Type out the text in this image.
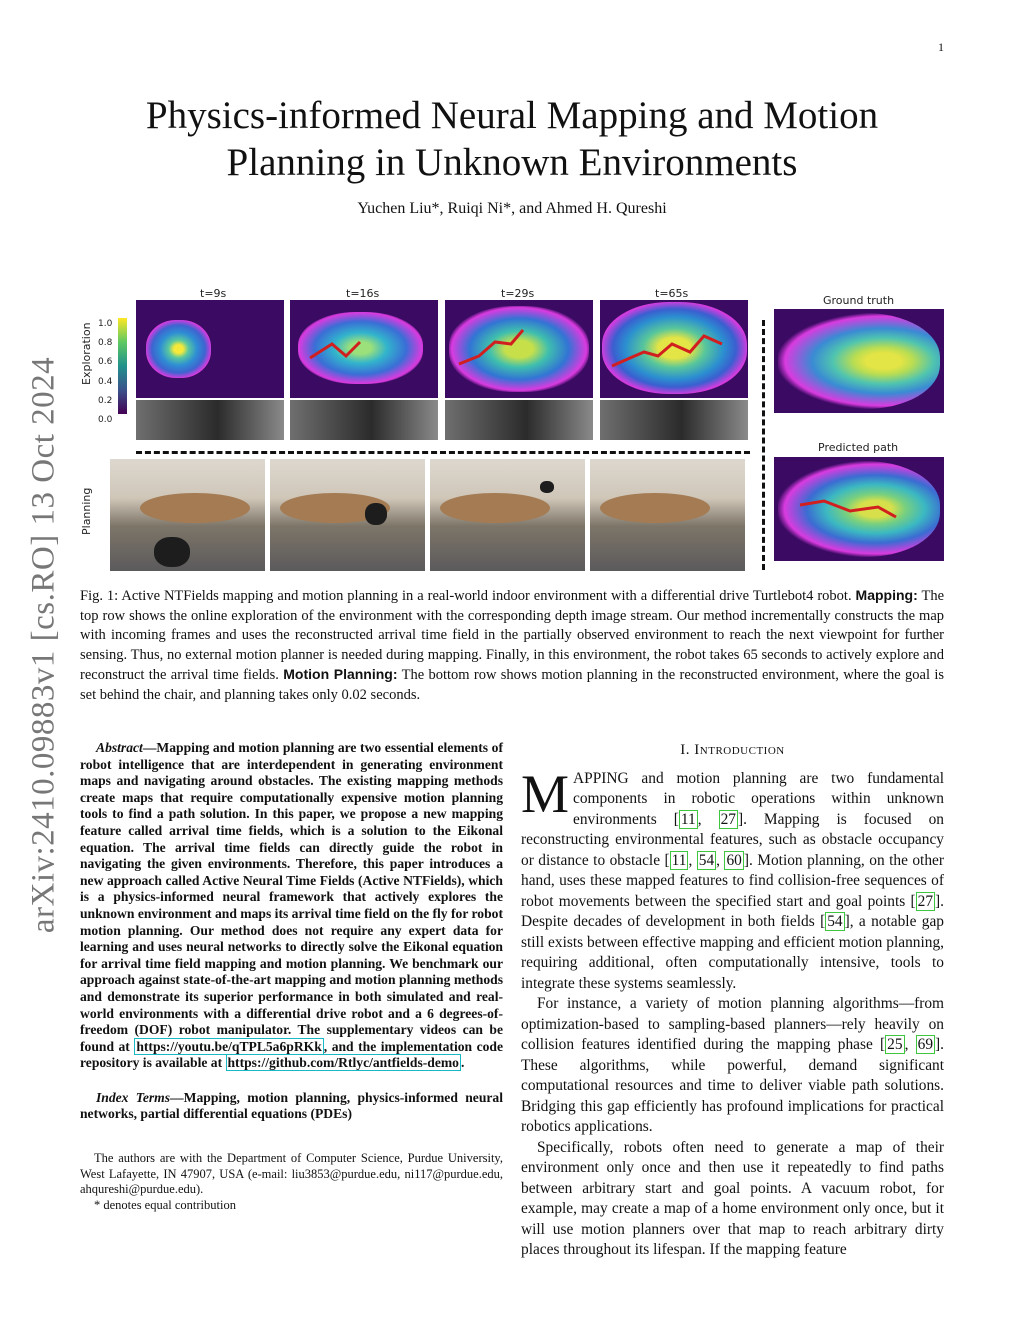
1
arXiv:2410.09883v1 [cs.RO] 13 Oct 2024
Physics-informed Neural Mapping and Motion Planning in Unknown Environments
Yuchen Liu*, Ruiqi Ni*, and Ahmed H. Qureshi
t=9s	t=16s	t=29s	t=65s
Ground truth
Predicted path
Exploration
Planning
1.0
0.8
0.6
0.4
0.2
0.0
Fig. 1: Active NTFields mapping and motion planning in a real-world indoor environment with a differential drive Turtlebot4 robot. Mapping: The top row shows the online exploration of the environment with the corresponding depth image stream. Our method incrementally constructs the map with incoming frames and uses the reconstructed arrival time field in the partially observed environment to reach the next viewpoint for further sensing. Thus, no external motion planner is needed during mapping. Finally, in this environment, the robot takes 65 seconds to actively explore and reconstruct the arrival time fields. Motion Planning: The bottom row shows motion planning in the reconstructed environment, where the goal is set behind the chair, and planning takes only 0.02 seconds.
Abstract—Mapping and motion planning are two essential elements of robot intelligence that are interdependent in generating environment maps and navigating around obstacles. The existing mapping methods create maps that require computationally expensive motion planning tools to find a path solution. In this paper, we propose a new mapping feature called arrival time fields, which is a solution to the Eikonal equation. The arrival time fields can directly guide the robot in navigating the given environments. Therefore, this paper introduces a new approach called Active Neural Time Fields (Active NTFields), which is a physics-informed neural framework that actively explores the unknown environment and maps its arrival time field on the fly for robot motion planning. Our method does not require any expert data for learning and uses neural networks to directly solve the Eikonal equation for arrival time field mapping and motion planning. We benchmark our approach against state-of-the-art mapping and motion planning methods and demonstrate its superior performance in both simulated and real-world environments with a differential drive robot and a 6 degrees-of-freedom (DOF) robot manipulator. The supplementary videos can be found at https://youtu.be/qTPL5a6pRKk , and the implementation code repository is available at https://github.com/Rtlyc/antfields-demo .
Index Terms—Mapping, motion planning, physics-informed neural networks, partial differential equations (PDEs)

The authors are with the Department of Computer Science, Purdue University, West Lafayette, IN 47907, USA (e-mail: liu3853@purdue.edu, ni117@purdue.edu, ahqureshi@purdue.edu).

* denotes equal contribution

I. Introduction

MAPPING and motion planning are two fundamental components in robotic operations within unknown environments [ 11 , 27 ]. Mapping is focused on reconstructing environmental features, such as obstacle occupancy or distance to obstacle [ 11 , 54 , 60 ]. Motion planning, on the other hand, uses these mapped features to find collision-free sequences of robot movements between the specified start and goal points [ 27 ]. Despite decades of development in both fields [ 54 ], a notable gap still exists between effective mapping and efficient motion planning, requiring additional, often computationally intensive, tools to integrate these systems seamlessly.

For instance, a variety of motion planning algorithms—from optimization-based to sampling-based planners—rely heavily on collision features identified during the mapping phase [ 25 , 69 ]. These algorithms, while powerful, demand significant computational resources and time to deliver viable path solutions. Bridging this gap efficiently has profound implications for practical robotics applications.

Specifically, robots often need to generate a map of their environment only once and then use it repeatedly to find paths between arbitrary start and goal points. A vacuum robot, for example, may create a map of a home environment only once, but it will use motion planners over that map to reach arbitrary dirty places throughout its lifespan. If the mapping feature
